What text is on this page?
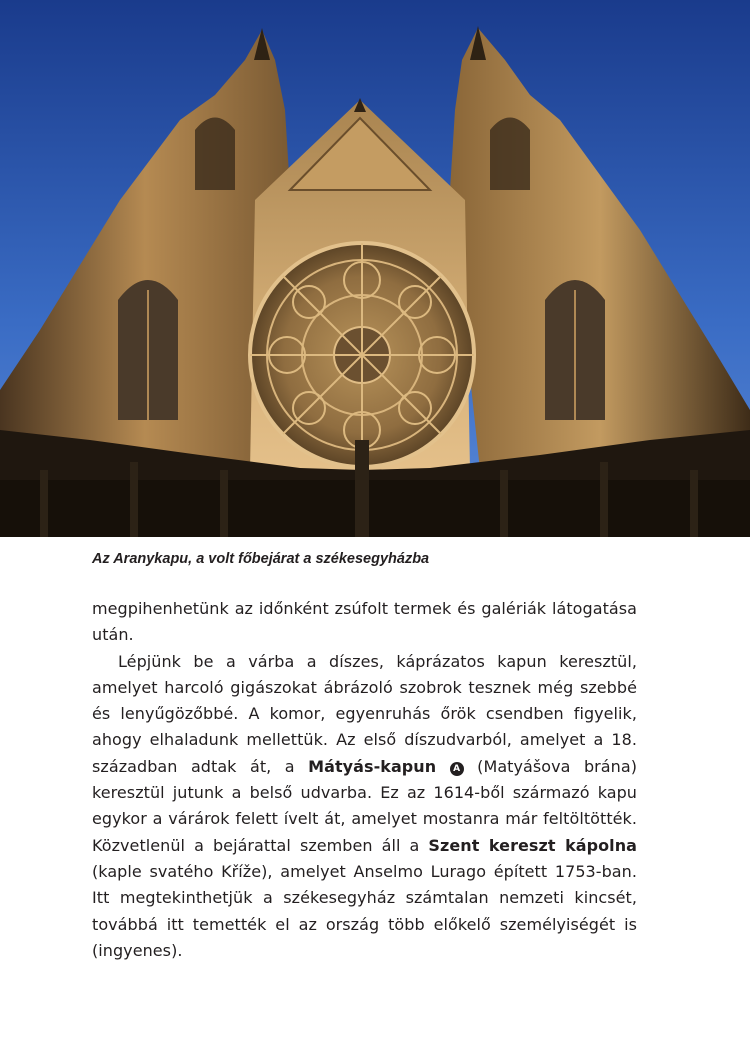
Az Aranykapu, a volt főbejárat a székesegyházba

megpihenhetünk az időnként zsúfolt termek és galériák látogatása után.

Lépjünk be a várba a díszes, káprázatos kapun keresztül, amelyet harcoló gigászokat ábrázoló szobrok tesznek még szebbé és lenyűgözőbbé. A komor, egyenruhás őrök csendben figyelik, ahogy elhaladunk mellettük. Az első díszudvarból, amelyet a 18. században adtak át, a Mátyás-kapun A (Matyášova brána) keresztül jutunk a belső udvarba. Ez az 1614-ből származó kapu egykor a várárok felett ívelt át, amelyet mostanra már feltöltötték. Közvetlenül a bejárattal szemben áll a Szent kereszt kápolna (kaple svatého Kříže), amelyet Anselmo Lurago épített 1753-ban. Itt megtekinthetjük a székesegyház számtalan nemzeti kincsét, továbbá itt temették el az ország több előkelő személyiségét is (ingyenes).
